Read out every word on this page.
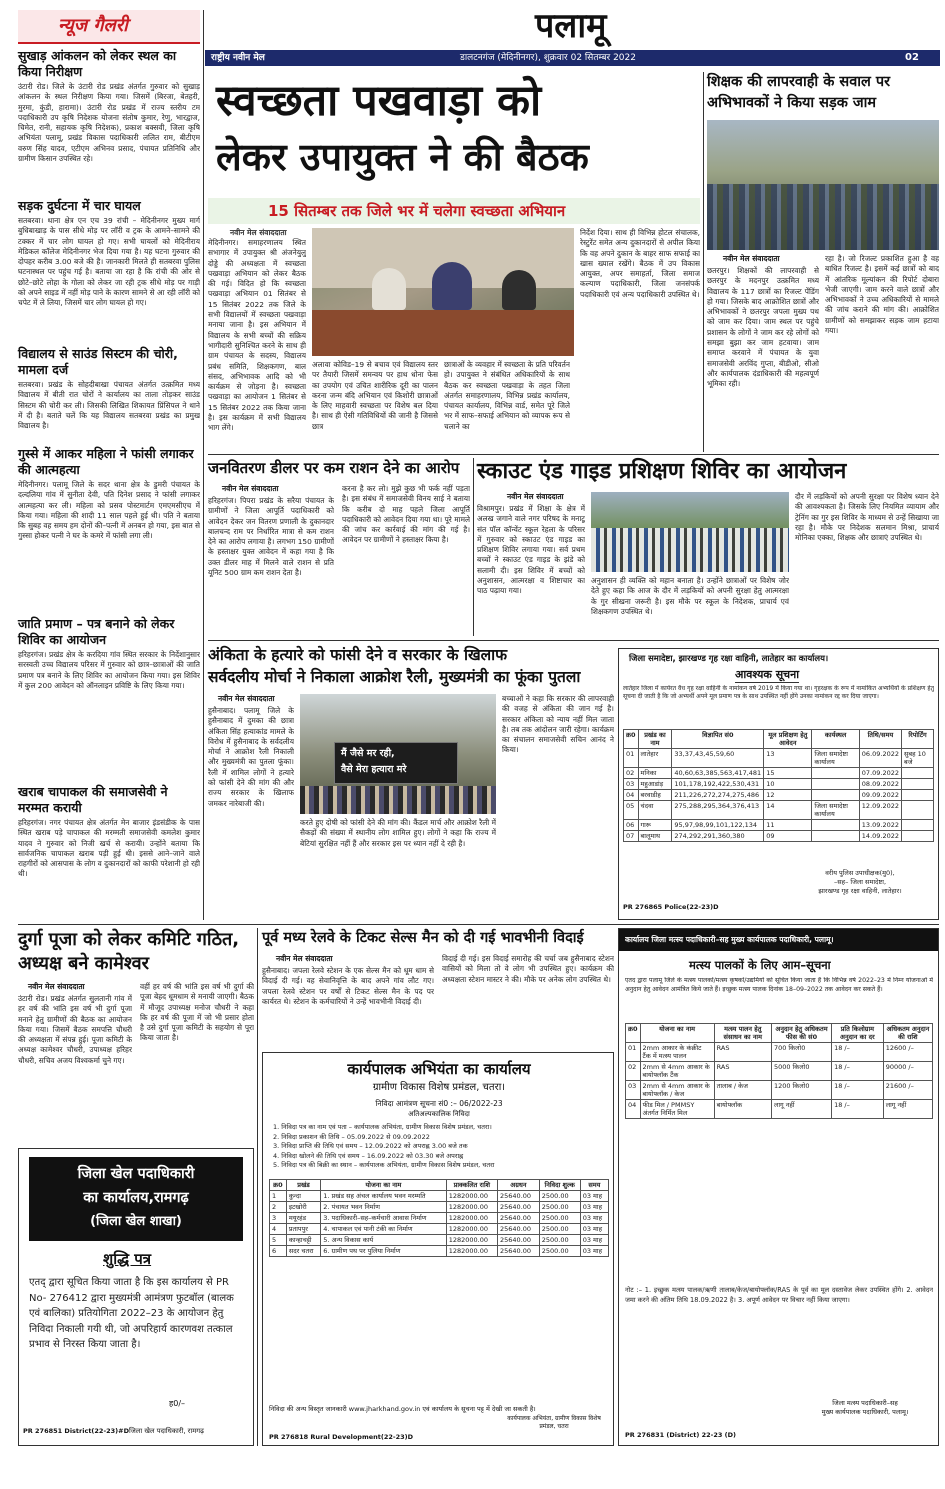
पलामू
राष्ट्रीय नवीन मेल	डालटनगंज (मेदिनीनगर), शुक्रवार 02 सितम्बर 2022	02
न्यूज गैलरी
सुखाड़ आंकलन को लेकर स्थल का किया निरीक्षण
उंटारी रोड। जिले के उंटारी रोड प्रखंड अंतर्गत गुरुवार को सुखाड़ आंकलन के स्थल निरीक्षण किया गया। जिसमें (बिरजा, बेतहरी, मुरमा, कुंडी, हारामा)। उंटारी रोड प्रखंड में राज्य स्तरीय टम पदाधिकारी उप कृषि निदेशक योजना संतोष कुमार, रेणु, भारद्वाज, चिमेत, रानी, सहायक कृषि निदेशक), प्रकाश बक्सवी, जिला कृषि अभियंता पलामू, प्रखंड विकास पदाधिकारी ललित राम, बीटीएम वरुण सिंह यादव, एटीएम अभिनव प्रसाद, पंचायत प्रतिनिधि और ग्रामीण किसान उपस्थित रहे।
सड़क दुर्घटना में चार घायल
सतबरवा। थाना क्षेत्र एन एच 39 रांची – मेदिनीनगर मुख्य मार्ग बुधिबाखाड़ के पास सीधे मोड़ पर लॉरी व ट्रक के आमने–सामने की टक्कर में चार लोग घायल हो गए। सभी घायलों को मेदिनीराय मेडिकल कॉलेज मेदिनीनगर भेज दिया गया है। यह घटना गुरुवार की दोपहर करीब 3.00 बजे की है। जानकारी मिलते ही सतबरवा पुलिस घटनास्थल पर पहुंच गई है। बताया जा रहा है कि रांची की ओर से छोटे–छोटे लोहा के गोला को लेकर जा रही ट्रक सीधे मोड़ पर गाड़ी को अपने साइड में नहीं मोड़ पाने के कारण सामने से आ रही लॉरी को चपेट में ले लिया, जिसमें चार लोग घायल हो गए।
विद्यालय से साउंड सिस्टम की चोरी, मामला दर्ज
सतबरवा। प्रखंड के सोहदीबाखा पंचायत अंतर्गत उत्क्रमित मध्य विद्यालय में बीती रात चोरों ने कार्यालय का ताला तोड़कर साउंड सिस्टम की चोरी कर ली। जिसकी लिखित शिकायत प्रिंसिपल ने थाने में दी है। बताते चलें कि यह विद्यालय सतबरवा प्रखंड का प्रमुख विद्यालय है।
गुस्से में आकर महिला ने फांसी लगाकर की आत्महत्या
मेदिनीनगर। पलामू जिले के सदर थाना क्षेत्र के डुमरी पंचायत के दल्दलिया गांव में सुनीता देवी, पति दिनेश प्रसाद ने फांसी लगाकर आत्महत्या कर ली। महिला को प्रसव पोस्टमार्टम एमएमसीएच में किया गया। महिला की शादी 11 साल पहले हुई थी। पति ने बताया कि सुबह वह समय हम दोनों की–पत्नी में अनबन हो गया, इस बात से गुस्सा होकर पत्नी ने घर के कमरे में फांसी लगा ली।
जाति प्रमाण – पत्र बनाने को लेकर शिविर का आयोजन
हरिहरगंज। प्रखंड क्षेत्र के करदिया गांव स्थित सरकार के निर्देशानुसार सरस्वती उच्च विद्यालय परिसर में गुरुवार को छात्र–छात्राओं की जाति प्रमाण पत्र बनाने के लिए शिविर का आयोजन किया गया। इस शिविर में कुल 200 आवेदन को ऑनलाइन प्रविष्टि के लिए किया गया।
खराब चापाकल की समाजसेवी ने मरम्मत करायी
हरिहरगंज। नगर पंचायत क्षेत्र अंतर्गत मेन बाजार इंडसंडीक के पास स्थित खराब पड़े चापाकल की मरम्मती समाजसेवी कमलेश कुमार यादव ने गुरुवार को निजी खर्च से करायी। उन्होंने बताया कि सार्वजनिक चापाकल खराब पड़ी हुई थी। इससे आने–जाने वाले राहगीरों को आसपास के लोग व दुकानदारों को काफी परेशानी हो रही थी।
स्वच्छता पखवाड़ा को
लेकर उपायुक्त ने की बैठक
15 सितम्बर तक जिले भर में चलेगा स्वच्छता अभियान
नवीन मेल संवाददाता
मेदिनीनगर। समाहरणालय स्थित सभागार में उपायुक्त श्री अंजनेयुलु दोड्डे की अध्यक्षता में स्वच्छता पखवाड़ा अभियान को लेकर बैठक की गई। विदित हो कि स्वच्छता पखवाड़ा अभियान 01 सितंबर से 15 सितंबर 2022 तक जिले के सभी विद्यालयों में स्वच्छता पखवाड़ा मनाया जाना है। इस अभियान में विद्यालय के सभी बच्चों की सक्रिय भागीदारी सुनिश्चित करने के साथ ही ग्राम पंचायत के सदस्य, विद्यालय प्रबंध समिति, शिक्षकगण, बाल संसद, अभिभावक आदि को भी कार्यक्रम से जोड़ना है। स्वच्छता पखवाड़ा का आयोजन 1 सितंबर से 15 सितंबर 2022 तक किया जाना है। इस कार्यक्रम में सभी विद्यालय भाग लेंगे।
अलावा कोविड–19 से बचाव एवं विद्यालय स्तर पर तैयारी जिसमें समन्वय पर हाथ धोना फेस का उपयोग एवं उचित शारीरिक दूरी का पालन करना जन्म बंदि अभियान एवं किशोरी छात्राओं के लिए माहवारी स्वच्छता पर विशेष बल दिया है। साथ ही ऐसी गतिविधियों की जानी है जिससे छात्र
छात्राओं के व्यवहार में स्वच्छता के प्रति परिवर्तन हो। उपायुक्त ने संबंधित अधिकारियों के साथ बैठक कर स्वच्छता पखवाड़ा के तहत जिला अंतर्गत समाहरणालय, विभिन्न प्रखंड कार्यालय, पंचायत कार्यालय, विभिन्न वार्ड, समेत पूरे जिले भर में साफ–सफाई अभियान को व्यापक रूप से चलाने का
निर्देश दिया। साथ ही विभिन्न होटल संचालक, रेस्टुरेंट समेत अन्य दुकानदारों से अपील किया कि वह अपने दुकान के बाहर साफ सफाई का खास ख्याल रखेंगे। बैठक में उप विकास आयुक्त, अपर समाहर्ता, जिला समाज कल्याण पदाधिकारी, जिला जनसंपर्क पदाधिकारी एवं अन्य पदाधिकारी उपस्थित थे।
शिक्षक की लापरवाही के सवाल पर अभिभावकों ने किया सड़क जाम
नवीन मेल संवाददाता
छतरपुर। शिक्षकों की लापरवाही से छतरपुर के मदनपुर उत्क्रमित मध्य विद्यालय के 117 छात्रों का रिजल्ट पेंडिंग हो गया। जिसके बाद आक्रोशित छात्रों और अभिभावकों ने छतरपुर जपला मुख्य पथ को जाम कर दिया। जाम स्थल पर पहुंचे प्रशासन के लोगों ने जाम कर रहे लोगों को समझा बुझा कर जाम हटवाया। जाम समाप्त करवाने में पंचायत के युवा समाजसेवी अरविंद गुप्ता, बीडीओ, सीओ और कार्यपालक दंडाधिकारी की महत्वपूर्ण भूमिका रही।
रहा है। जो रिजल्ट प्रकाशित हुआ है वह बाधित रिजल्ट है। इसमें कई छात्रों को बाद में आंतरिक मूल्यांकन की रिपोर्ट दोबारा भेजी जाएगी। जाम करने वाले छात्रों और अभिभावकों ने उच्च अधिकारियों से मामले की जांच कराने की मांग की। आक्रोशित ग्रामीणों को समझाकर सड़क जाम हटाया गया।
जनवितरण डीलर पर कम राशन देने का आरोप
नवीन मेल संवाददाता
हरिहरगंज। पिपरा प्रखंड के सरैया पंचायत के ग्रामीणों ने जिला आपूर्ति पदाधिकारी को आवेदन देकर जन वितरण प्रणाली के दुकानदार बालचन्द राम पर निर्धारित मात्रा से कम राशन देने का आरोप लगाया है। लगभग 150 ग्रामीणों के हस्ताक्षर युक्त आवेदन में कहा गया है कि उक्त डीलर माह में मिलने वाले राशन से प्रति यूनिट 500 ग्राम कम राशन देता है।
करना है कर लो। मुझे कुछ भी फर्क नहीं पड़ता है। इस संबंध में समाजसेवी विनय साई ने बताया कि करीब दो माह पहले जिला आपूर्ति पदाधिकारी को आवेदन दिया गया था। पूरे मामले की जांच कर कार्रवाई की मांग की गई है। आवेदन पर ग्रामीणों ने हस्ताक्षर किया है।
स्काउट एंड गाइड प्रशिक्षण शिविर का आयोजन
नवीन मेल संवाददाता
विश्रामपुर। प्रखंड में शिक्षा के क्षेत्र में अलख जगाने वाले नगर परिषद के मनाटू संत पॉल कॉन्वेंट स्कूल रेहला के परिसर में गुरुवार को स्काउट एंड गाइड का प्रशिक्षण शिविर लगाया गया। सर्व प्रथम बच्चों ने स्काउट एंड गाइड के झंडे को सलामी दी। इस शिविर में बच्चों को अनुशासन, आत्मरक्षा व शिष्टाचार का पाठ पढ़ाया गया।
अनुशासन ही व्यक्ति को महान बनाता है। उन्होंने छात्राओं पर विशेष जोर देते हुए कहा कि आज के दौर में लड़कियों को अपनी सुरक्षा हेतु आत्मरक्षा के गुर सीखना जरूरी है। इस मौके पर स्कूल के निदेशक, प्राचार्य एवं शिक्षकगण उपस्थित थे।
दौर में लड़कियों को अपनी सुरक्षा पर विशेष ध्यान देने की आवश्यकता है। जिसके लिए नियमित व्यायाम और ट्रेनिंग का गुर इस शिविर के माध्यम से उन्हें सिखाया जा रहा है। मौके पर निदेशक सलमान मिश्रा, प्राचार्य मोनिका एक्का, शिक्षक और छात्राएं उपस्थित थे।
अंकिता के हत्यारे को फांसी देने व सरकार के खिलाफ
सर्वदलीय मोर्चा ने निकाला आक्रोश रैली, मुख्यमंत्री का फूंका पुतला
नवीन मेल संवाददाता
हुसैनाबाद। पलामू जिले के हुसैनाबाद में दुमका की छात्रा अंकिता सिंह हत्याकांड मामले के विरोध में हुसैनाबाद के सर्वदलीय मोर्चा ने आक्रोश रैली निकाली और मुख्यमंत्री का पुतला फूंका। रैली में शामिल लोगों ने हत्यारे को फांसी देने की मांग की और राज्य सरकार के खिलाफ जमकर नारेबाजी की।
मैं जैसे मर रही,
वैसे मेरा हत्यारा मरे
करते हुए दोषी को फांसी देने की मांग की। कैंडल मार्च और आक्रोश रैली में सैकड़ों की संख्या में स्थानीय लोग शामिल हुए। लोगों ने कहा कि राज्य में बेटियां सुरक्षित नहीं हैं और सरकार इस पर ध्यान नहीं दे रही है।
बच्चाओं ने कहा कि सरकार की लापरवाही की वजह से अंकिता की जान गई है। सरकार अंकिता को न्याय नहीं मिल जाता है। तब तक आंदोलन जारी रहेगा। कार्यक्रम का संचालन समाजसेवी सचिन आनंद ने किया।
जिला समादेष्टा, झारखण्ड गृह रक्षा वाहिनी, लातेहार का कार्यालय।
आवश्यक सूचना
लातेहार जिला में कार्यरत वैध गृह रक्षा वाहिनी के नामांकन वर्ष 2019 में किया गया था। गृहरक्षक के रूप में नामांकित अभ्यर्थियों के प्रशिक्षण हेतु सूचना दी जाती है कि जो अभ्यर्थी अपने मूल प्रमाण पत्र के साथ उपस्थित नहीं होंगे उनका नामांकन रद्द कर दिया जाएगा।
क्र0	प्रखंड का नाम	विज्ञापित सं0	मूल प्रशिक्षण हेतु आवेदन	कार्यस्थल	तिथि/समय	रिपोर्टिंग
01	लातेहार	33,37,43,45,59,60	13	जिला समादेष्टा कार्यालय	06.09.2022	सुबह 10 बजे
02	मनिका	40,60,63,385,563,417,481	15		07.09.2022	
03	महुआडांड़	101,178,192,422,530,431	10		08.09.2022	
04	बरवाडीह	211,226,272,274,275,486	12		09.09.2022	
05	चंदवा	275,288,295,364,376,413	14	जिला समादेष्टा कार्यालय	12.09.2022	
06	गारू	95,97,98,99,101,122,134	11		13.09.2022	
07	बालूमाथ	274,292,291,360,380	09		14.09.2022	
वरीय पुलिस उपाधीक्षक(मु0),
–सह– जिला समादेष्टा,
झारखण्ड गृह रक्षा वाहिनी, लातेहार।
PR 276865 Police(22-23)D
दुर्गा पूजा को लेकर कमिटि गठित, अध्यक्ष बने कामेश्वर
नवीन मेल संवाददाता
उंटारी रोड। प्रखंड अंतर्गत सुलतानी गांव में हर वर्ष की भांति इस वर्ष भी दुर्गा पूजा मनाने हेतु ग्रामीणों की बैठक का आयोजन किया गया। जिसमें बैठक समपत्ति चौधरी की अध्यक्षता में संपन्न हुई। पूजा कमिटी के अध्यक्ष कामेश्वर चौधरी, उपाध्यक्ष हरिहर चौधरी, सचिव अजय विश्वकर्मा चुने गए।
वहीं हर वर्ष की भांति इस वर्ष भी दुर्गा की पूजा बेहद धूमधाम से मनायी जाएगी। बैठक में मौजूद उपाध्यक्ष मनोज चौधरी ने कहा कि हर वर्ष की पूजा में जो भी प्रसार होता है उसे दुर्गा पूजा कमिटी के सहयोग से पूरा किया जाता है।
जिला खेल पदाधिकारी
का कार्यालय,रामगढ़
(जिला खेल शाखा)
शुद्धि पत्र
एतद् द्वारा सूचित किया जाता है कि इस कार्यालय से PR No- 276412 द्वारा मुख्यमंत्री आमंत्रण फुटबॉल (बालक एवं बालिका) प्रतियोगिता 2022–23 के आयोजन हेतु निविदा निकाली गयी थी, जो अपरिहार्य कारणवश तत्काल प्रभाव से निरस्त किया जाता है।
ह0/–
जिला खेल पदाधिकारी, रामगढ़
PR 276851 District(22-23)#D
पूर्व मध्य रेलवे के टिकट सेल्स मैन को दी गई भावभीनी विदाई
नवीन मेल संवाददाता
हुसैनाबाद। जपला रेलवे स्टेशन के एक सेल्स मैन को धूम धाम से विदाई दी गई। वह सेवानिवृत्ति के बाद अपने गांव लौट गए। जपला रेलवे स्टेशन पर वर्षों से टिकट सेल्स मैन के पद पर कार्यरत थे। स्टेशन के कर्मचारियों ने उन्हें भावभीनी विदाई दी।
विदाई दी गई। इस विदाई समारोह की चर्चा जब हुसैनाबाद स्टेशन वासियों को मिला तो वे लोग भी उपस्थित हुए। कार्यक्रम की अध्यक्षता स्टेशन मास्टर ने की। मौके पर अनेक लोग उपस्थित थे।
कार्यपालक अभियंता का कार्यालय
ग्रामीण विकास विशेष प्रमंडल, चतरा।
निविदा आमंत्रण सूचना सं0 :– 06/2022-23
अतिअल्पकालिक निविदा
1. निविदा पत्र का नाम एवं पता – कार्यपालक अभियंता, ग्रामीण विकास विशेष प्रमंडल, चतरा।
2. निविदा प्रकाशन की तिथि – 05.09.2022 से 09.09.2022
3. निविदा प्राप्ति की तिथि एवं समय – 12.09.2022 को अपराह्न 3.00 बजे तक
4. निविदा खोलने की तिथि एवं समय – 16.09.2022 को 03.30 बजे अपराह्न
5. निविदा पत्र की बिक्री का स्थान – कार्यपालक अभियंता, ग्रामीण विकास विशेष प्रमंडल, चतरा
क्र0	प्रखंड	योजना का नाम	प्राक्कलित राशि	अग्रधन	निविदा शुल्क	समय
1	कुन्दा	1. प्रखंड सह अंचल कार्यालय भवन मरम्मति	1282000.00	25640.00	2500.00	03 माह
2	इटखोरी	2. पंचायत भवन निर्माण	1282000.00	25640.00	2500.00	03 माह
3	मयूरहंड	3. पदाधिकारी–सह–कर्मचारी आवास निर्माण	1282000.00	25640.00	2500.00	03 माह
4	प्रतापपुर	4. चापाकल एवं पानी टंकी का निर्माण	1282000.00	25640.00	2500.00	03 माह
5	कान्हाचट्टी	5. अन्य विकास कार्य	1282000.00	25640.00	2500.00	03 माह
6	सदर चतरा	6. ग्रामीण पथ पर पुलिया निर्माण	1282000.00	25640.00	2500.00	03 माह
निविदा की अन्य विस्तृत जानकारी www.jharkhand.gov.in एवं कार्यालय के सूचना पट्ट में देखी जा सकती है।
कार्यपालक अभियंता, ग्रामीण विकास विशेष प्रमंडल, चतरा
PR 276818 Rural Development(22-23)D
कार्यालय जिला मत्स्य पदाधिकारी–सह मुख्य कार्यपालक पदाधिकारी, पलामू।
मत्स्य पालकों के लिए आम–सूचना
एतद द्वारा पलामू जिले के मत्स्य पालकों/मत्स्य कृषकों/उद्यमियों को सूचित किया जाता है कि विभिन्न वर्ष 2022–23 में निम्न योजनाओं में अनुदान हेतु आवेदन आमंत्रित किये जाते हैं। इच्छुक मत्स्य पालक दिनांक 18–09–2022 तक आवेदन कर सकते हैं।
क्र0	योजना का नाम	मत्स्य पालन हेतु संसाधन का नाम	अनुदान हेतु अधिकतम फीस की सं0	प्रति किलोग्राम अनुदान का दर	अधिकतम अनुदान की राशि
01	2mm आकार के कंक्रीट टैंक में मत्स्य पालन	RAS	700 किलो0	18 /–	12600 /–
02	2mm से 4mm आकार के बायोफ्लॉक टैंक	RAS	5000 किलो0	18 /–	90000 /–
03	2mm से 4mm आकार के बायोफ्लॉक / केज	तालाब / केज	1200 किलो0	18 /–	21600 /–
04	फीड मिल / PMMSY अंतर्गत निर्मित मिल	बायोफ्लॉक	लागू नहीं	18 /–	लागू नहीं
नोट :– 1. इच्छुक मत्स्य पालक/ऋणी तालाब/केज/बायोफ्लॉक/RAS के पूर्व का मूल दस्तावेज लेकर उपस्थित होंगे। 2. आवेदन जमा करने की अंतिम तिथि 18.09.2022 है। 3. अपूर्ण आवेदन पर विचार नहीं किया जाएगा।
जिला मत्स्य पदाधिकारी–सह
मुख्य कार्यपालक पदाधिकारी, पलामू।
PR 276831 (District) 22-23 (D)
